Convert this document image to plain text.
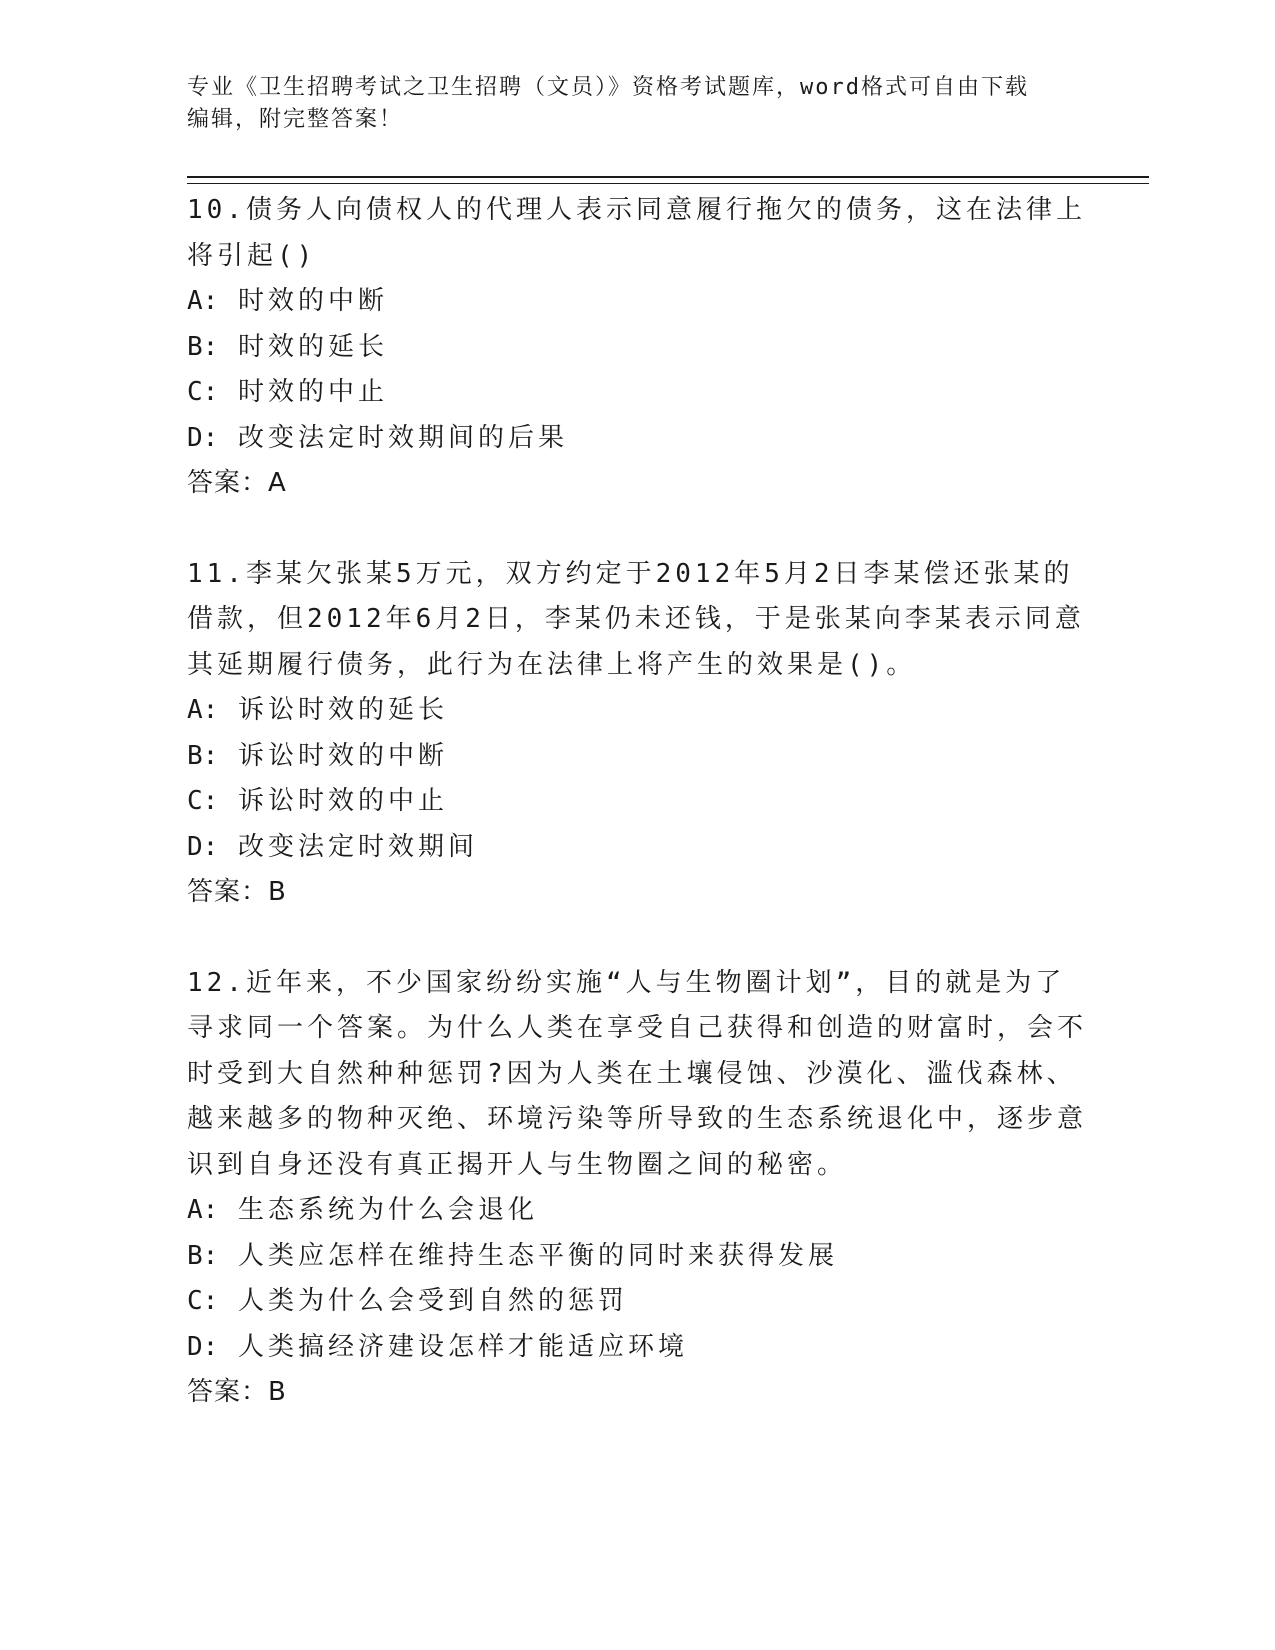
专业《卫生招聘考试之卫生招聘（文员）》资格考试题库，word格式可自由下载

编辑，附完整答案！

10.债务人向债权人的代理人表示同意履行拖欠的债务，这在法律上将引起()

A: 时效的中断

B: 时效的延长

C: 时效的中止

D: 改变法定时效期间的后果

答案：A

11.李某欠张某5万元，双方约定于2012年5月2日李某偿还张某的借款，但2012年6月2日，李某仍未还钱，于是张某向李某表示同意其延期履行债务，此行为在法律上将产生的效果是()。

A: 诉讼时效的延长

B: 诉讼时效的中断

C: 诉讼时效的中止

D: 改变法定时效期间

答案：B

12.近年来，不少国家纷纷实施“人与生物圈计划”，目的就是为了寻求同一个答案。为什么人类在享受自己获得和创造的财富时，会不时受到大自然种种惩罚?因为人类在土壤侵蚀、沙漠化、滥伐森林、越来越多的物种灭绝、环境污染等所导致的生态系统退化中，逐步意识到自身还没有真正揭开人与生物圈之间的秘密。

A: 生态系统为什么会退化

B: 人类应怎样在维持生态平衡的同时来获得发展

C: 人类为什么会受到自然的惩罚

D: 人类搞经济建设怎样才能适应环境

答案：B
